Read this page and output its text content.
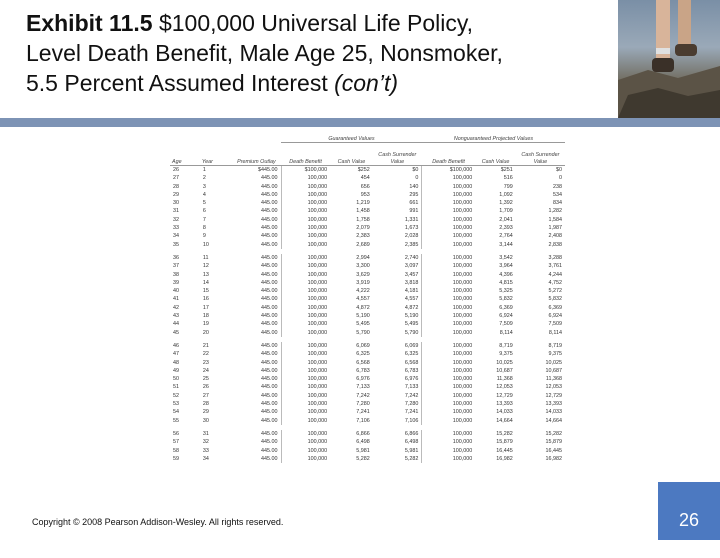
Exhibit 11.5 $100,000 Universal Life Policy,
Level Death Benefit, Male Age 25, Nonsmoker,
5.5 Percent Assumed Interest (con’t)
			Guaranteed Values			Nonguaranteed Projected Values		
Age	Year	Premium Outlay	Death Benefit	Cash Value	Cash Surrender Value	Death Benefit	Cash Value	Cash Surrender Value
26	1	$445.00	$100,000	$252	$0	$100,000	$251	$0
27	2	445.00	100,000	454	0	100,000	516	0
28	3	445.00	100,000	656	140	100,000	799	238
29	4	445.00	100,000	953	295	100,000	1,092	534
30	5	445.00	100,000	1,219	661	100,000	1,392	834
31	6	445.00	100,000	1,458	991	100,000	1,709	1,282
32	7	445.00	100,000	1,758	1,331	100,000	2,041	1,584
33	8	445.00	100,000	2,079	1,673	100,000	2,393	1,987
34	9	445.00	100,000	2,383	2,028	100,000	2,764	2,408
35	10	445.00	100,000	2,689	2,385	100,000	3,144	2,838

36	11	445.00	100,000	2,994	2,740	100,000	3,542	3,288
37	12	445.00	100,000	3,300	3,097	100,000	3,964	3,761
38	13	445.00	100,000	3,629	3,457	100,000	4,396	4,244
39	14	445.00	100,000	3,919	3,818	100,000	4,815	4,752
40	15	445.00	100,000	4,222	4,181	100,000	5,325	5,272
41	16	445.00	100,000	4,557	4,557	100,000	5,832	5,832
42	17	445.00	100,000	4,872	4,872	100,000	6,369	6,369
43	18	445.00	100,000	5,190	5,190	100,000	6,924	6,924
44	19	445.00	100,000	5,495	5,495	100,000	7,509	7,509
45	20	445.00	100,000	5,790	5,790	100,000	8,114	8,114

46	21	445.00	100,000	6,069	6,069	100,000	8,719	8,719
47	22	445.00	100,000	6,325	6,325	100,000	9,375	9,375
48	23	445.00	100,000	6,568	6,568	100,000	10,025	10,025
49	24	445.00	100,000	6,783	6,783	100,000	10,687	10,687
50	25	445.00	100,000	6,976	6,976	100,000	11,368	11,368
51	26	445.00	100,000	7,133	7,133	100,000	12,053	12,053
52	27	445.00	100,000	7,242	7,242	100,000	12,729	12,729
53	28	445.00	100,000	7,280	7,280	100,000	13,393	13,393
54	29	445.00	100,000	7,241	7,241	100,000	14,033	14,033
55	30	445.00	100,000	7,106	7,106	100,000	14,664	14,664

56	31	445.00	100,000	6,866	6,866	100,000	15,282	15,282
57	32	445.00	100,000	6,498	6,498	100,000	15,879	15,879
58	33	445.00	100,000	5,981	5,981	100,000	16,445	16,445
59	34	445.00	100,000	5,282	5,282	100,000	16,982	16,982
Copyright © 2008 Pearson Addison-Wesley. All rights reserved.	26
